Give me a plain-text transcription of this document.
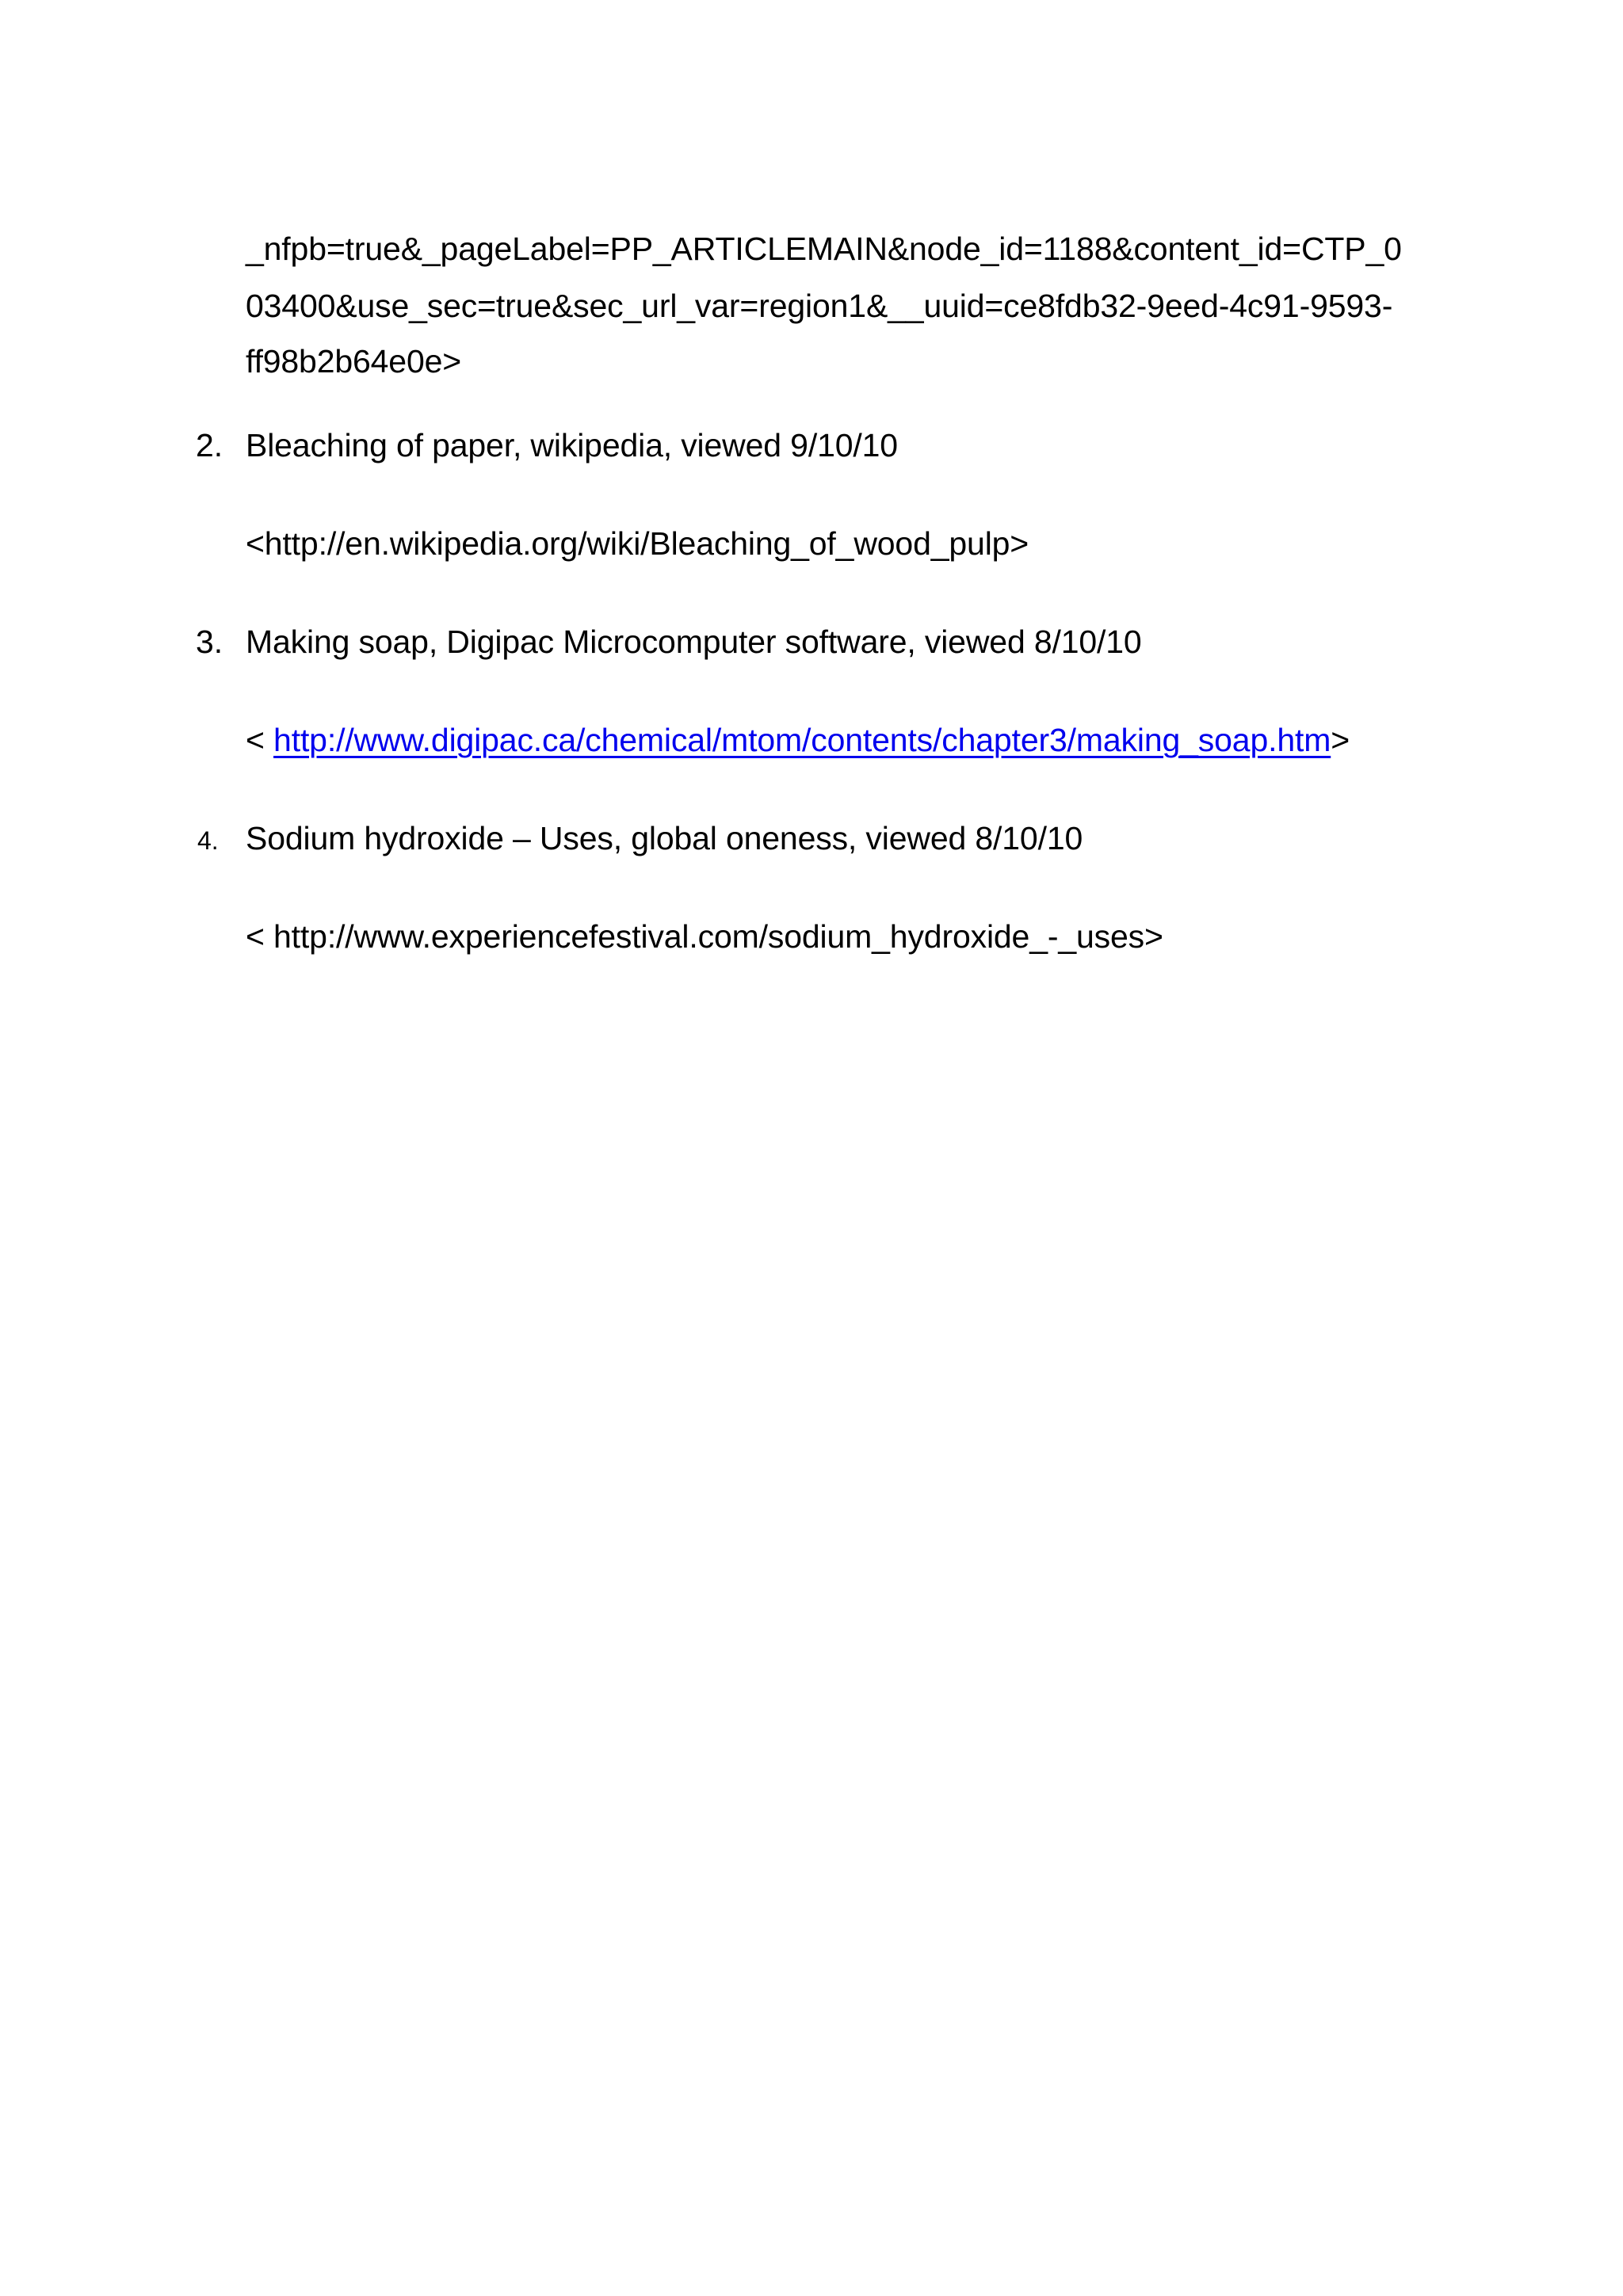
_nfpb=true&_pageLabel=PP_ARTICLEMAIN&node_id=1188&content_id=CTP_0
03400&use_sec=true&sec_url_var=region1&__uuid=ce8fdb32-9eed-4c91-9593-
ff98b2b64e0e>
2. Bleaching of paper, wikipedia, viewed 9/10/10
<http://en.wikipedia.org/wiki/Bleaching_of_wood_pulp>
3. Making soap, Digipac Microcomputer software, viewed 8/10/10
< http://www.digipac.ca/chemical/mtom/contents/chapter3/making_soap.htm>
4. Sodium hydroxide – Uses, global oneness, viewed 8/10/10
< http://www.experiencefestival.com/sodium_hydroxide_-_uses>
